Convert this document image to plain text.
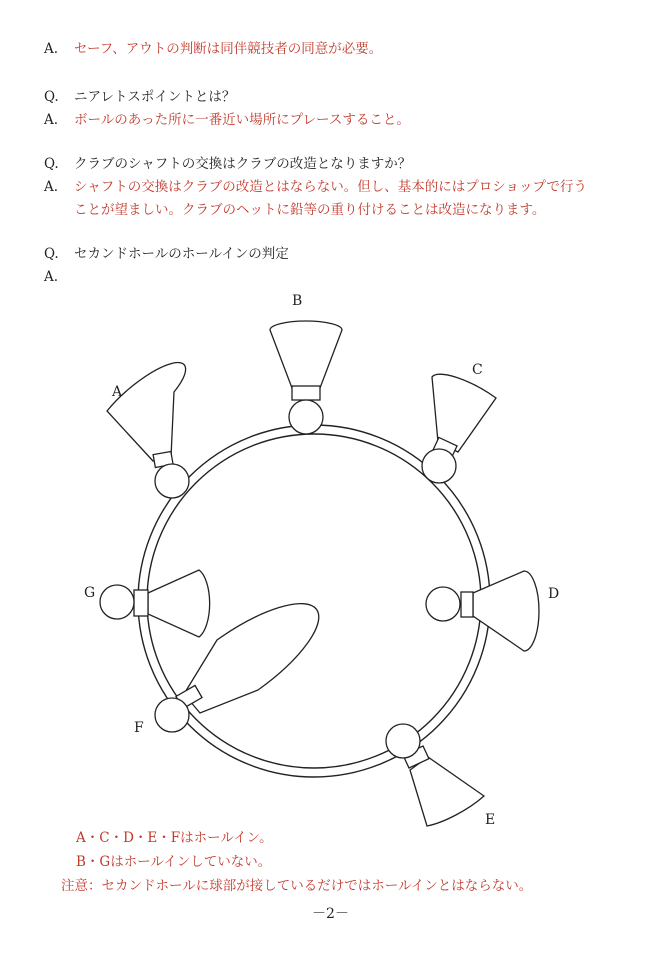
A. セーフ、アウトの判断は同伴競技者の同意が必要。
Q. ニアレトスポイントとは？
A. ボールのあった所に一番近い場所にプレースすること。
Q. クラブのシャフトの交換はクラブの改造となりますか？
A. シャフトの交換はクラブの改造とはならない。但し、基本的にはプロショップで行う
ことが望ましい。クラブのヘットに鉛等の重り付けることは改造になります。
Q. セカンドホールのホールインの判定
A.
A
B
C
D
E
F
G
A・C・D・E・Fはホールイン。
B・Gはホールインしていない。
注意：セカンドホールに球部が接しているだけではホールインとはならない。
－2－
